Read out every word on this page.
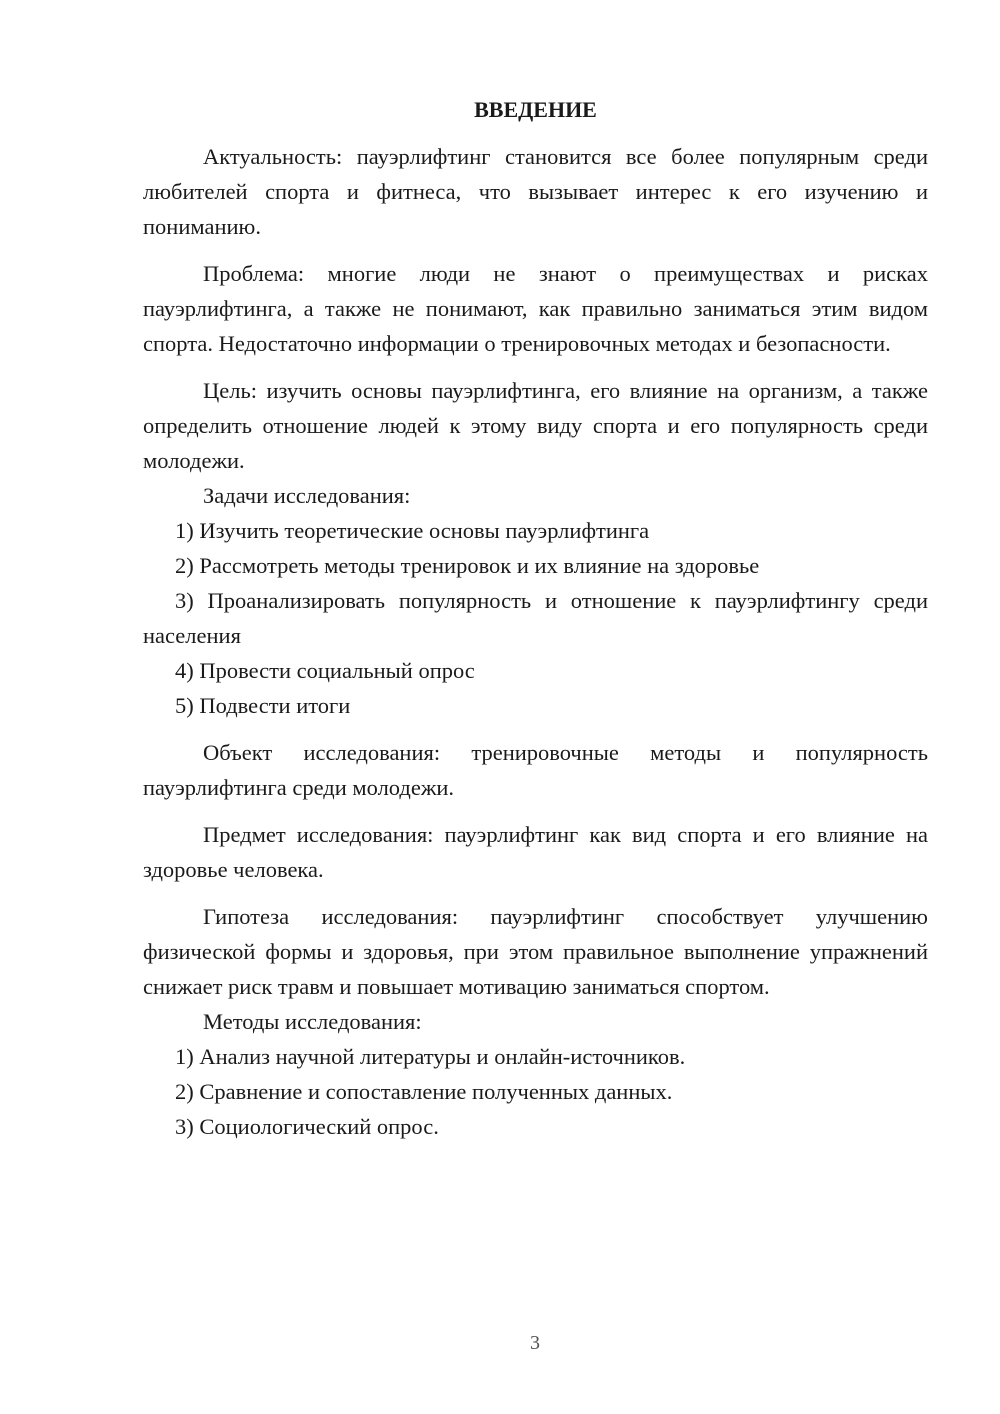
ВВЕДЕНИЕ

Актуальность: пауэрлифтинг становится все более популярным среди любителей спорта и фитнеса, что вызывает интерес к его изучению и пониманию.

Проблема: многие люди не знают о преимуществах и рисках пауэрлифтинга, а также не понимают, как правильно заниматься этим видом спорта. Недостаточно информации о тренировочных методах и безопасности.

Цель: изучить основы пауэрлифтинга, его влияние на организм, а также определить отношение людей к этому виду спорта и его популярность среди молодежи.

Задачи исследования:

1) Изучить теоретические основы пауэрлифтинга

2) Рассмотреть методы тренировок и их влияние на здоровье

3) Проанализировать популярность и отношение к пауэрлифтингу среди населения

4) Провести социальный опрос

5) Подвести итоги

Объект исследования: тренировочные методы и популярность пауэрлифтинга среди молодежи.

Предмет исследования: пауэрлифтинг как вид спорта и его влияние на здоровье человека.

Гипотеза исследования: пауэрлифтинг способствует улучшению физической формы и здоровья, при этом правильное выполнение упражнений снижает риск травм и повышает мотивацию заниматься спортом.

Методы исследования:

1) Анализ научной литературы и онлайн-источников.

2) Сравнение и сопоставление полученных данных.

3) Социологический опрос.

3
